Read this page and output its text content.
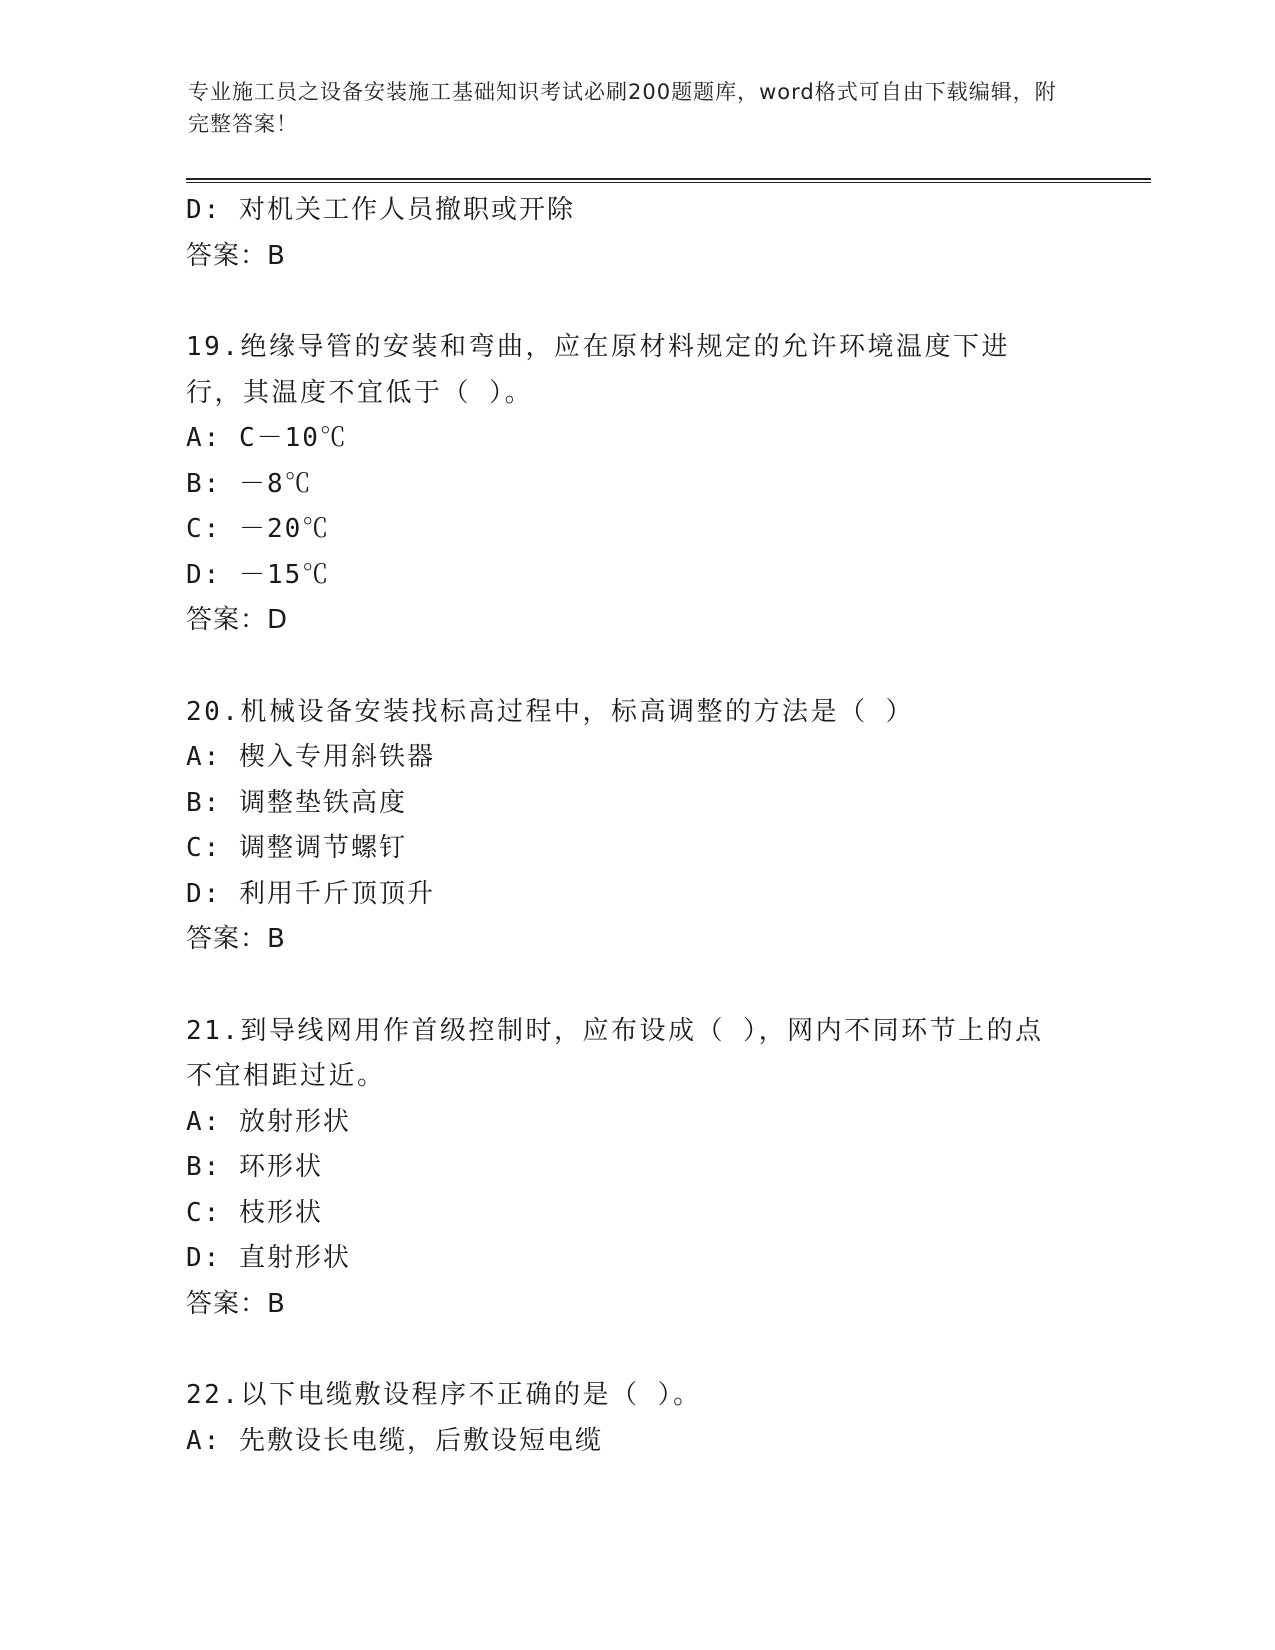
专业施工员之设备安装施工基础知识考试必刷200题题库，word格式可自由下载编辑，附完整答案！
D: 对机关工作人员撤职或开除
答案：B
19.绝缘导管的安装和弯曲，应在原材料规定的允许环境温度下进行，其温度不宜低于（ ）。
A: C－10℃
B: －8℃
C: －20℃
D: －15℃
答案：D
20.机械设备安装找标高过程中，标高调整的方法是（ ）
A: 楔入专用斜铁器
B: 调整垫铁高度
C: 调整调节螺钉
D: 利用千斤顶顶升
答案：B
21.到导线网用作首级控制时，应布设成（ ），网内不同环节上的点不宜相距过近。
A: 放射形状
B: 环形状
C: 枝形状
D: 直射形状
答案：B
22.以下电缆敷设程序不正确的是（ ）。
A: 先敷设长电缆，后敷设短电缆
